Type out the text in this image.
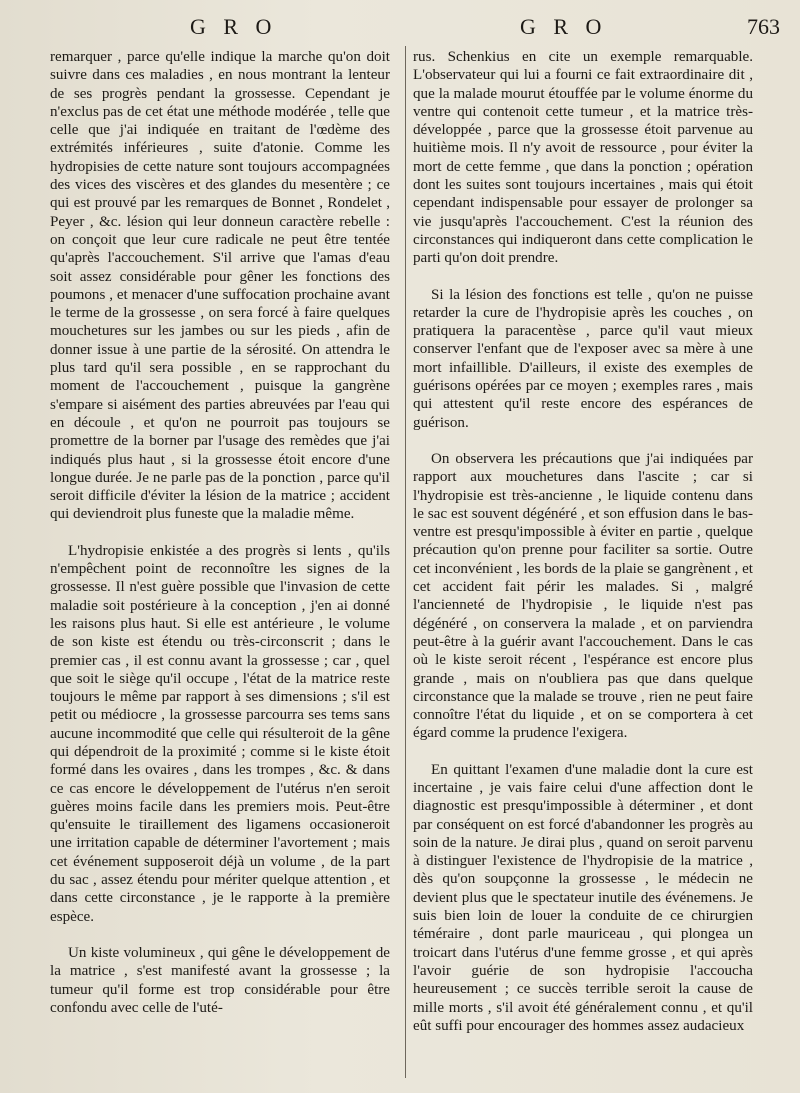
G R O	G R O	763

remarquer , parce qu'elle indique la marche qu'on doit suivre dans ces maladies , en nous montrant la lenteur de ses progrès pendant la grossesse. Cependant je n'exclus pas de cet état une méthode modérée , telle que celle que j'ai indiquée en traitant de l'œdème des extrémités inférieures , suite d'atonie. Comme les hydropisies de cette nature sont toujours accompagnées des vices des viscères et des glandes du mesentère ; ce qui est prouvé par les remarques de Bonnet , Rondelet , Peyer , &c. lésion qui leur donneun caractère rebelle : on conçoit que leur cure radicale ne peut être tentée qu'après l'accouchement. S'il arrive que l'amas d'eau soit assez considérable pour gêner les fonctions des poumons , et menacer d'une suffocation prochaine avant le terme de la grossesse , on sera forcé à faire quelques mouchetures sur les jambes ou sur les pieds , afin de donner issue à une partie de la sérosité. On attendra le plus tard qu'il sera possible , en se rapprochant du moment de l'accouchement , puisque la gangrène s'empare si aisément des parties abreuvées par l'eau qui en découle , et qu'on ne pourroit pas toujours se promettre de la borner par l'usage des remèdes que j'ai indiqués plus haut , si la grossesse étoit encore d'une longue durée. Je ne parle pas de la ponction , parce qu'il seroit difficile d'éviter la lésion de la matrice ; accident qui deviendroit plus funeste que la maladie même.

L'hydropisie enkistée a des progrès si lents , qu'ils n'empêchent point de reconnoître les signes de la grossesse. Il n'est guère possible que l'invasion de cette maladie soit postérieure à la conception , j'en ai donné les raisons plus haut. Si elle est antérieure , le volume de son kiste est étendu ou très-circonscrit ; dans le premier cas , il est connu avant la grossesse ; car , quel que soit le siège qu'il occupe , l'état de la matrice reste toujours le même par rapport à ses dimensions ; s'il est petit ou médiocre , la grossesse parcourra ses tems sans aucune incommodité que celle qui résulteroit de la gêne qui dépendroit de la proximité ; comme si le kiste étoit formé dans les ovaires , dans les trompes , &c. & dans ce cas encore le développement de l'utérus n'en seroit guères moins facile dans les premiers mois. Peut-être qu'ensuite le tiraillement des ligamens occasioneroit une irritation capable de déterminer l'avortement ; mais cet événement supposeroit déjà un volume , de la part du sac , assez étendu pour mériter quelque attention , et dans cette circonstance , je le rapporte à la première espèce.

Un kiste volumineux , qui gêne le développement de la matrice , s'est manifesté avant la grossesse ; la tumeur qu'il forme est trop considérable pour être confondu avec celle de l'uté-

rus. Schenkius en cite un exemple remarquable. L'observateur qui lui a fourni ce fait extraordinaire dit , que la malade mourut étouffée par le volume énorme du ventre qui contenoit cette tumeur , et la matrice très-développée , parce que la grossesse étoit parvenue au huitième mois. Il n'y avoit de ressource , pour éviter la mort de cette femme , que dans la ponction ; opération dont les suites sont toujours incertaines , mais qui étoit cependant indispensable pour essayer de prolonger sa vie jusqu'après l'accouchement. C'est la réunion des circonstances qui indiqueront dans cette complication le parti qu'on doit prendre.

Si la lésion des fonctions est telle , qu'on ne puisse retarder la cure de l'hydropisie après les couches , on pratiquera la paracentèse , parce qu'il vaut mieux conserver l'enfant que de l'exposer avec sa mère à une mort infaillible. D'ailleurs, il existe des exemples de guérisons opérées par ce moyen ; exemples rares , mais qui attestent qu'il reste encore des espérances de guérison.

On observera les précautions que j'ai indiquées par rapport aux mouchetures dans l'ascite ; car si l'hydropisie est très-ancienne , le liquide contenu dans le sac est souvent dégénéré , et son effusion dans le bas-ventre est presqu'impossible à éviter en partie , quelque précaution qu'on prenne pour faciliter sa sortie. Outre cet inconvénient , les bords de la plaie se gangrènent , et cet accident fait périr les malades. Si , malgré l'ancienneté de l'hydropisie , le liquide n'est pas dégénéré , on conservera la malade , et on parviendra peut-être à la guérir avant l'accouchement. Dans le cas où le kiste seroit récent , l'espérance est encore plus grande , mais on n'oubliera pas que dans quelque circonstance que la malade se trouve , rien ne peut faire connoître l'état du liquide , et on se comportera à cet égard comme la prudence l'exigera.

En quittant l'examen d'une maladie dont la cure est incertaine , je vais faire celui d'une affection dont le diagnostic est presqu'impossible à déterminer , et dont par conséquent on est forcé d'abandonner les progrès au soin de la nature. Je dirai plus , quand on seroit parvenu à distinguer l'existence de l'hydropisie de la matrice , dès qu'on soupçonne la grossesse , le médecin ne devient plus que le spectateur inutile des événemens. Je suis bien loin de louer la conduite de ce chirurgien téméraire , dont parle mauriceau , qui plongea un troicart dans l'utérus d'une femme grosse , et qui après l'avoir guérie de son hydropisie l'accoucha heureusement ; ce succès terrible seroit la cause de mille morts , s'il avoit été généralement connu , et qu'il eût suffi pour encourager des hommes assez audacieux
